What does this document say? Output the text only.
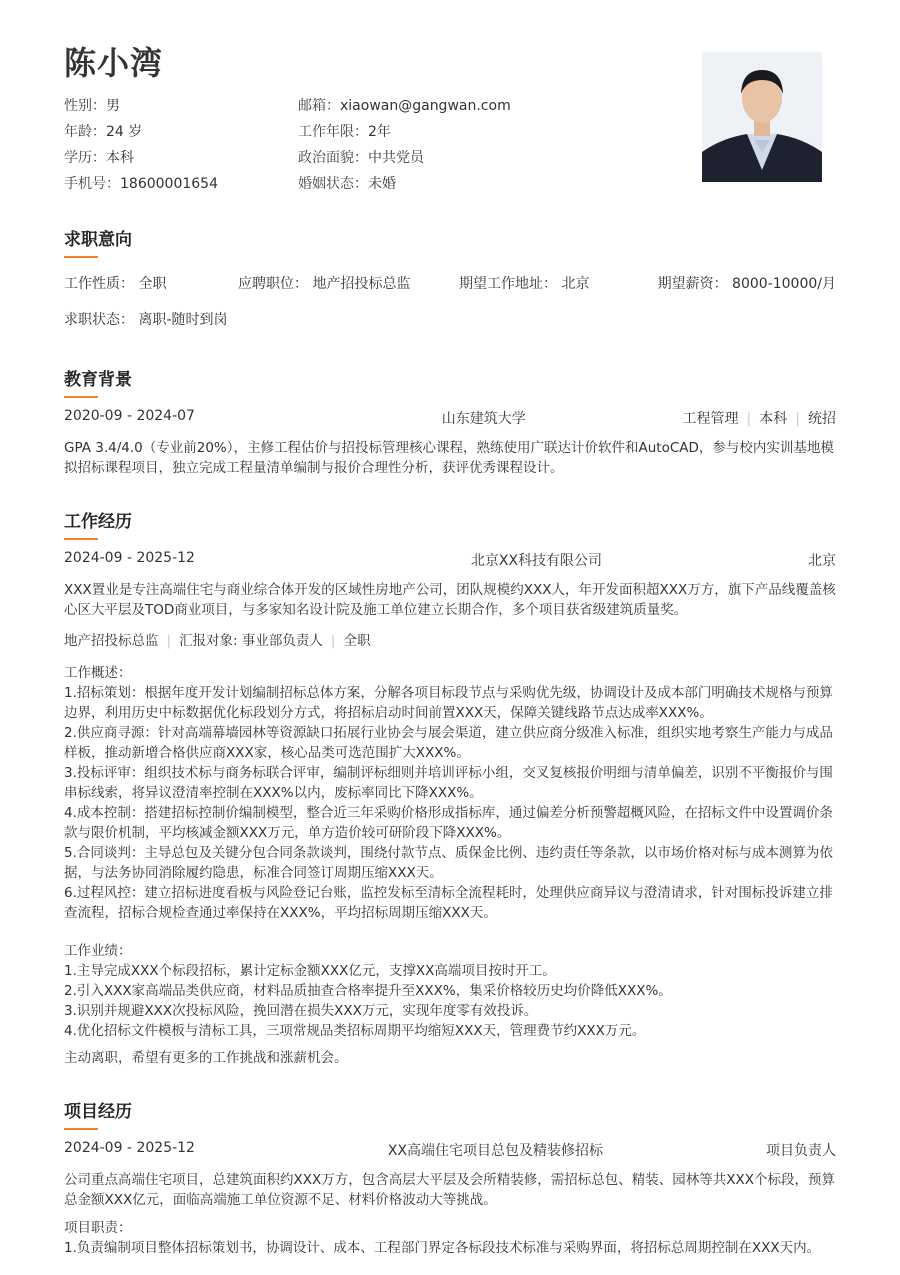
陈小湾
性别：男	邮箱：xiaowan@gangwan.com
年龄：24 岁	工作年限：2年
学历：本科	政治面貌：中共党员
手机号：18600001654	婚姻状态：未婚
求职意向
工作性质： 全职	应聘职位： 地产招投标总监	期望工作地址： 北京	期望薪资： 8000-10000/月
求职状态： 离职-随时到岗
教育背景
2020-09 - 2024-07	山东建筑大学	工程管理 | 本科 | 统招
GPA 3.4/4.0（专业前20%），主修工程估价与招投标管理核心课程，熟练使用广联达计价软件和AutoCAD，参与校内实训基地模拟招标课程项目，独立完成工程量清单编制与报价合理性分析，获评优秀课程设计。
工作经历
2024-09 - 2025-12	北京XX科技有限公司	北京
XXX置业是专注高端住宅与商业综合体开发的区域性房地产公司，团队规模约XXX人，年开发面积超XXX万方，旗下产品线覆盖核心区大平层及TOD商业项目，与多家知名设计院及施工单位建立长期合作，多个项目获省级建筑质量奖。
地产招投标总监 | 汇报对象: 事业部负责人 | 全职
工作概述：
1.招标策划：根据年度开发计划编制招标总体方案，分解各项目标段节点与采购优先级，协调设计及成本部门明确技术规格与预算边界，利用历史中标数据优化标段划分方式，将招标启动时间前置XXX天，保障关键线路节点达成率XXX%。
2.供应商寻源：针对高端幕墙园林等资源缺口拓展行业协会与展会渠道，建立供应商分级准入标准，组织实地考察生产能力与成品样板，推动新增合格供应商XXX家，核心品类可选范围扩大XXX%。
3.投标评审：组织技术标与商务标联合评审，编制评标细则并培训评标小组，交叉复核报价明细与清单偏差，识别不平衡报价与围串标线索，将异议澄清率控制在XXX%以内，废标率同比下降XXX%。
4.成本控制：搭建招标控制价编制模型，整合近三年采购价格形成指标库，通过偏差分析预警超概风险，在招标文件中设置调价条款与限价机制，平均核减金额XXX万元，单方造价较可研阶段下降XXX%。
5.合同谈判：主导总包及关键分包合同条款谈判，围绕付款节点、质保金比例、违约责任等条款，以市场价格对标与成本测算为依据，与法务协同消除履约隐患，标准合同签订周期压缩XXX天。
6.过程风控：建立招标进度看板与风险登记台账，监控发标至清标全流程耗时，处理供应商异议与澄清请求，针对围标投诉建立排查流程，招标合规检查通过率保持在XXX%，平均招标周期压缩XXX天。
工作业绩：
1.主导完成XXX个标段招标，累计定标金额XXX亿元，支撑XX高端项目按时开工。
2.引入XXX家高端品类供应商，材料品质抽查合格率提升至XXX%，集采价格较历史均价降低XXX%。
3.识别并规避XXX次投标风险，挽回潜在损失XXX万元，实现年度零有效投诉。
4.优化招标文件模板与清标工具，三项常规品类招标周期平均缩短XXX天，管理费节约XXX万元。
主动离职，希望有更多的工作挑战和涨薪机会。
项目经历
2024-09 - 2025-12	XX高端住宅项目总包及精装修招标	项目负责人
公司重点高端住宅项目，总建筑面积约XXX万方，包含高层大平层及会所精装修，需招标总包、精装、园林等共XXX个标段，预算总金额XXX亿元，面临高端施工单位资源不足、材料价格波动大等挑战。
项目职责：
1.负责编制项目整体招标策划书，协调设计、成本、工程部门界定各标段技术标准与采购界面，将招标总周期控制在XXX天内。
